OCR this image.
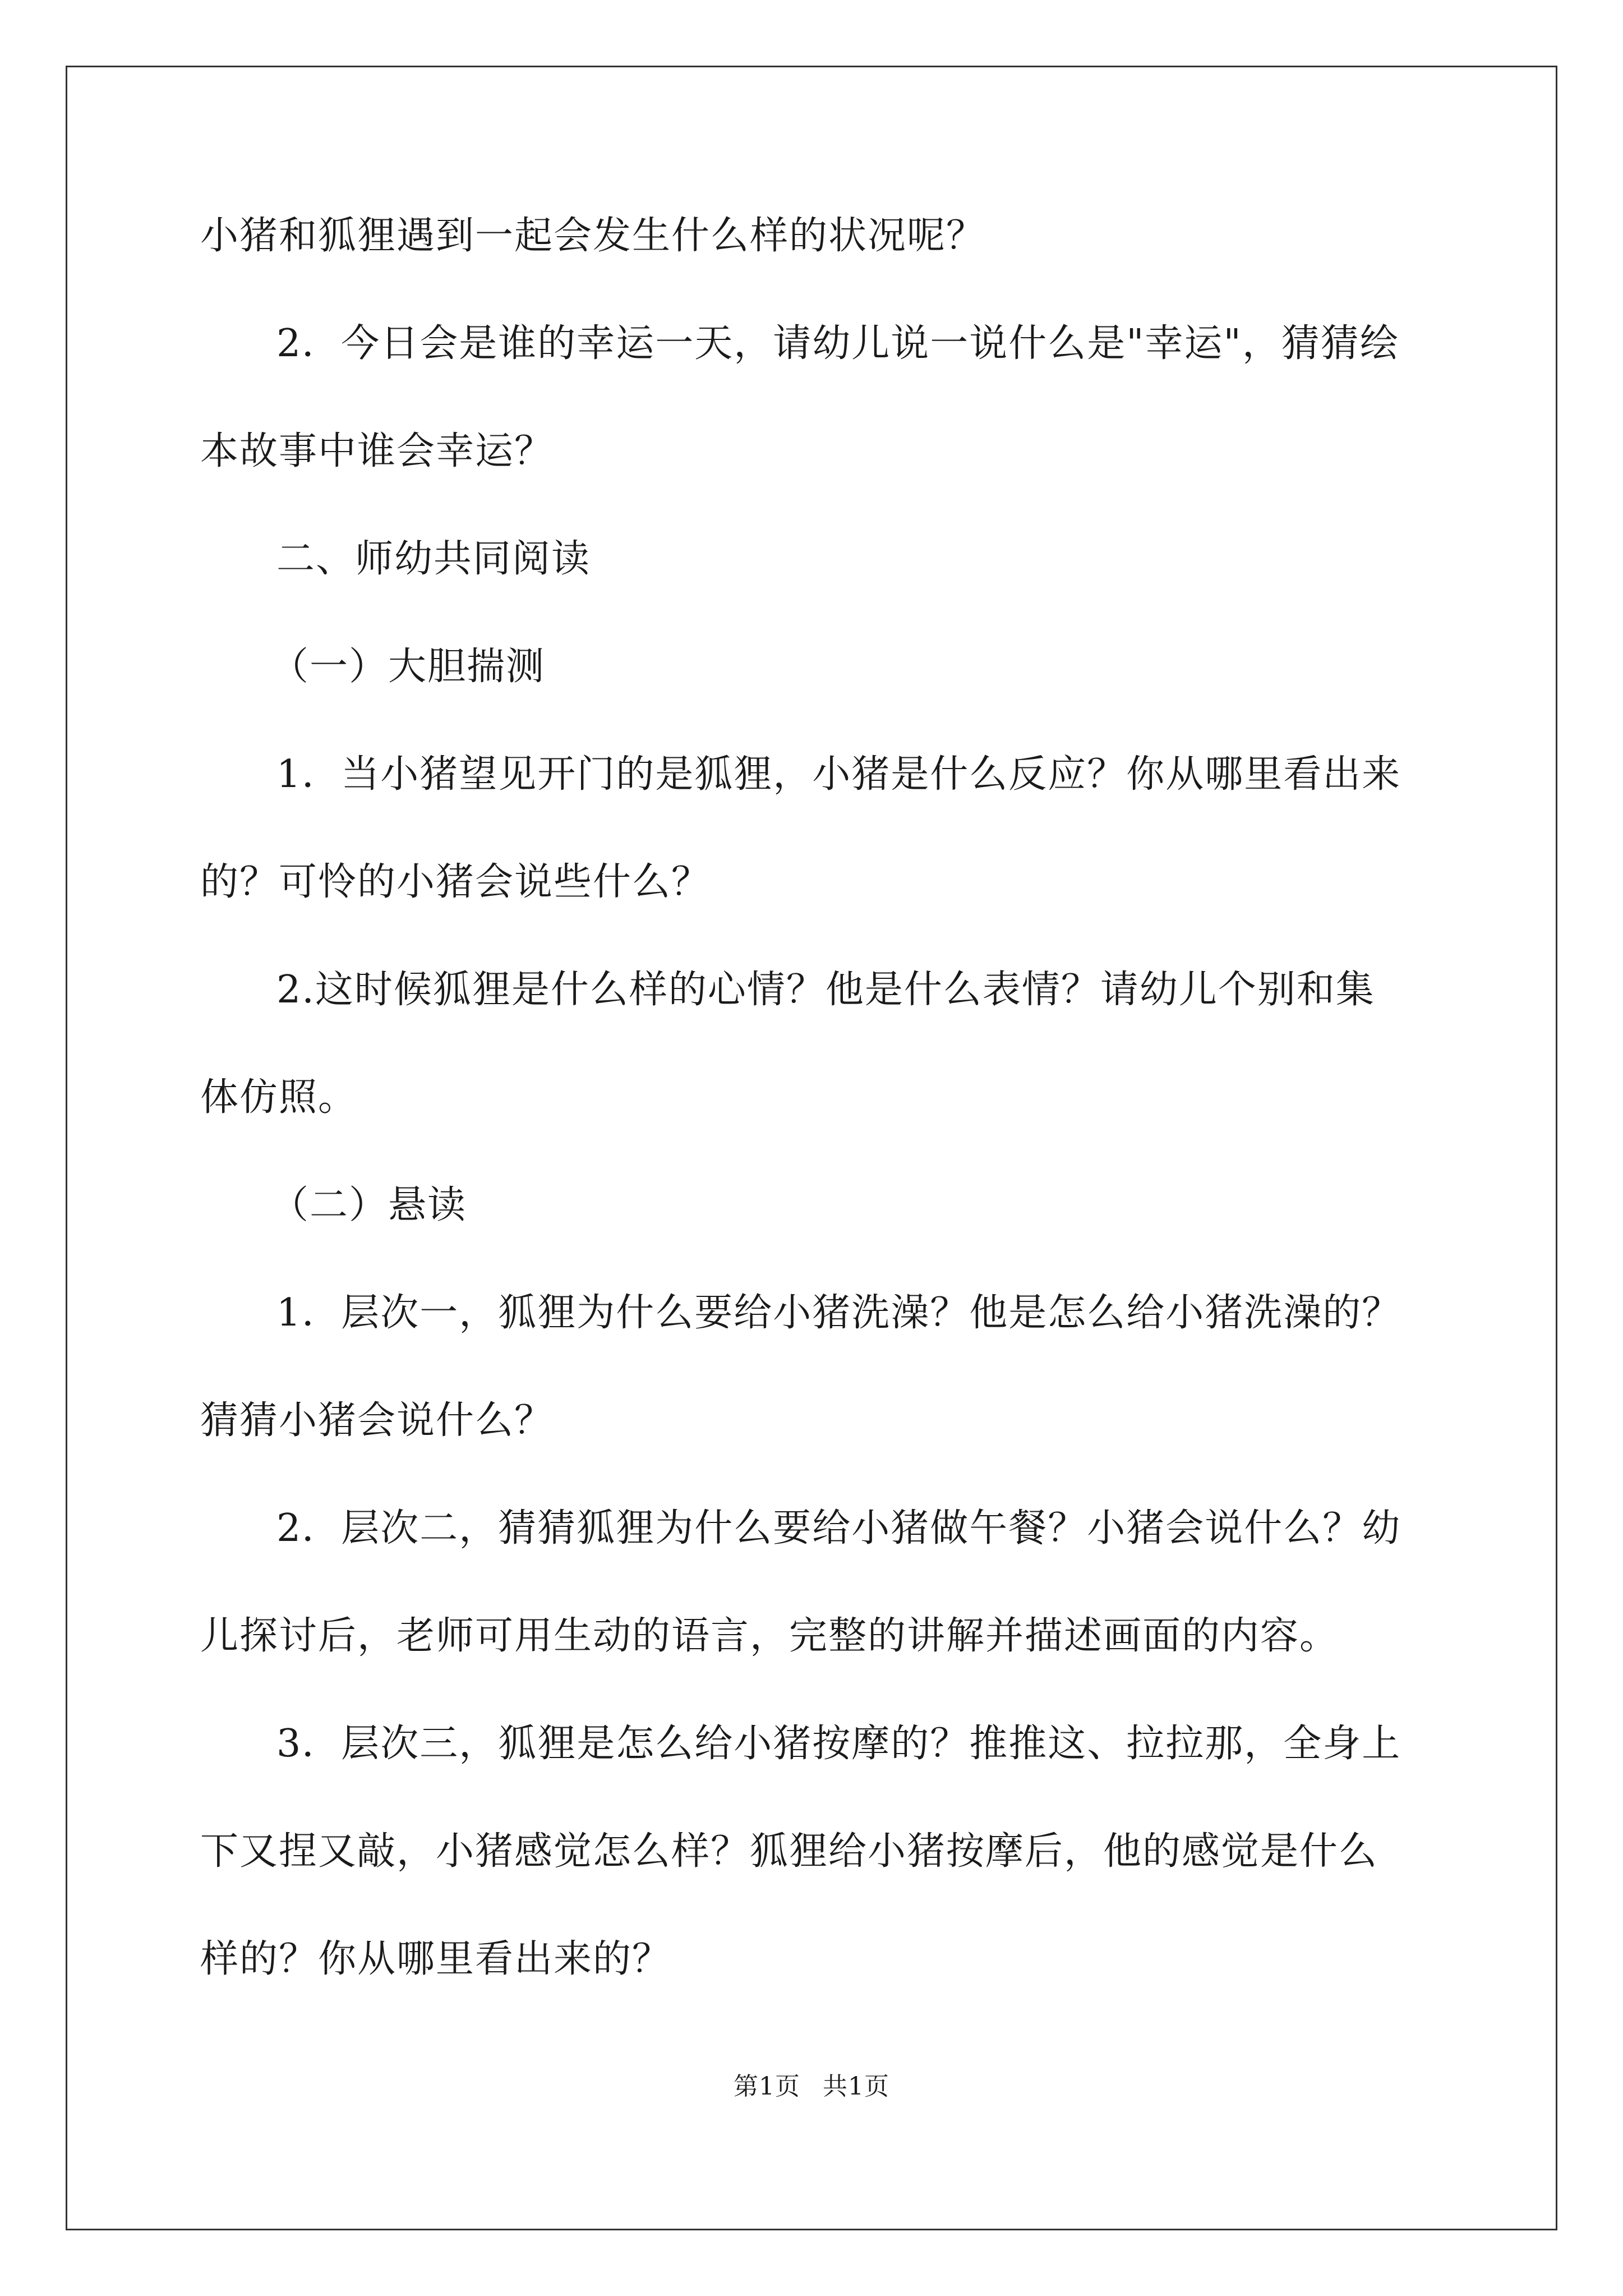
小猪和狐狸遇到一起会发生什么样的状况呢？
2．今日会是谁的幸运一天，请幼儿说一说什么是"幸运"，猜猜绘
本故事中谁会幸运？
二、师幼共同阅读
（一）大胆揣测
1．当小猪望见开门的是狐狸，小猪是什么反应？你从哪里看出来
的？可怜的小猪会说些什么？
2.这时候狐狸是什么样的心情？他是什么表情？请幼儿个别和集
体仿照。
（二）悬读
1．层次一，狐狸为什么要给小猪洗澡？他是怎么给小猪洗澡的？
猜猜小猪会说什么？
2．层次二，猜猜狐狸为什么要给小猪做午餐？小猪会说什么？幼
儿探讨后，老师可用生动的语言，完整的讲解并描述画面的内容。
3．层次三，狐狸是怎么给小猪按摩的？推推这、拉拉那，全身上
下又捏又敲，小猪感觉怎么样？狐狸给小猪按摩后，他的感觉是什么
样的？你从哪里看出来的？
第1页 共1页
